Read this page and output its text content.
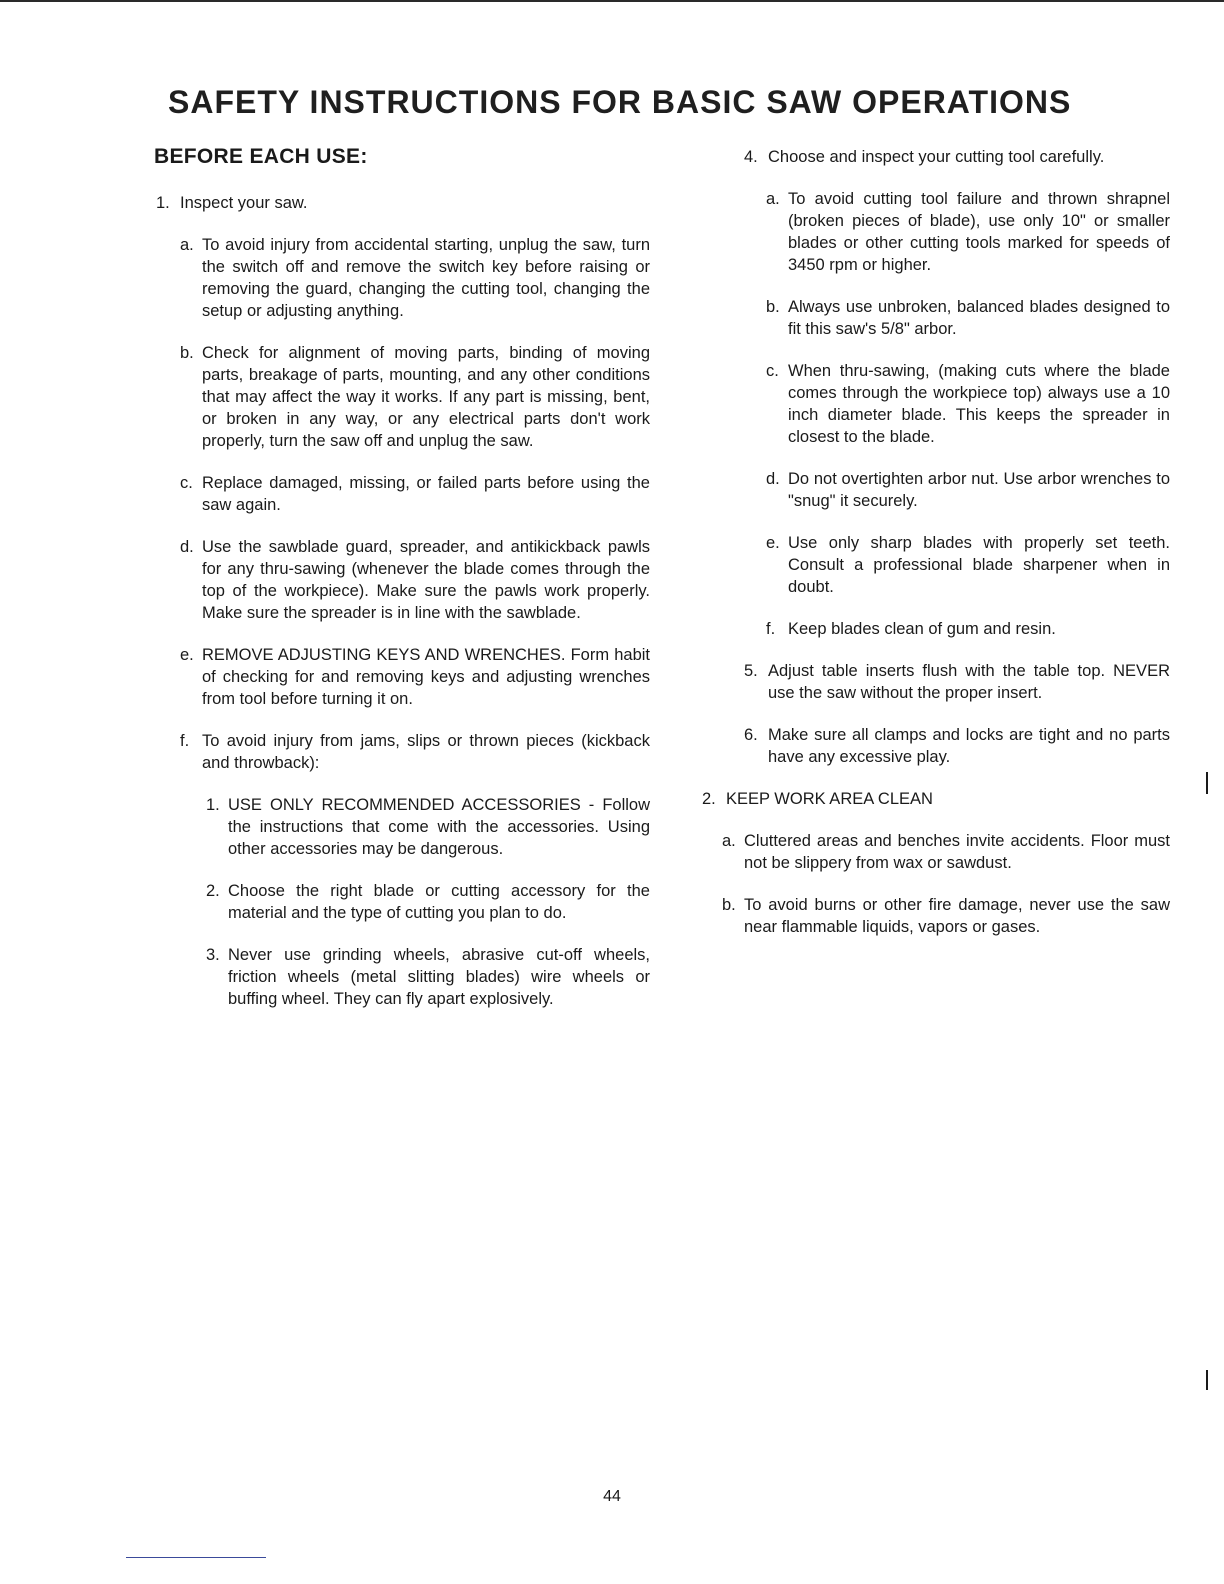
SAFETY INSTRUCTIONS FOR BASIC SAW OPERATIONS
BEFORE EACH USE:
1. Inspect your saw.
a. To avoid injury from accidental starting, unplug the saw, turn the switch off and remove the switch key before raising or removing the guard, changing the cutting tool, changing the setup or adjusting anything.
b. Check for alignment of moving parts, binding of moving parts, breakage of parts, mounting, and any other conditions that may affect the way it works. If any part is missing, bent, or broken in any way, or any electrical parts don't work properly, turn the saw off and unplug the saw.
c. Replace damaged, missing, or failed parts before using the saw again.
d. Use the sawblade guard, spreader, and antikickback pawls for any thru-sawing (whenever the blade comes through the top of the workpiece). Make sure the pawls work properly. Make sure the spreader is in line with the sawblade.
e. REMOVE ADJUSTING KEYS AND WRENCHES. Form habit of checking for and removing keys and adjusting wrenches from tool before turning it on.
f. To avoid injury from jams, slips or thrown pieces (kickback and throwback):
1. USE ONLY RECOMMENDED ACCESSORIES - Follow the instructions that come with the accessories. Using other accessories may be dangerous.
2. Choose the right blade or cutting accessory for the material and the type of cutting you plan to do.
3. Never use grinding wheels, abrasive cut-off wheels, friction wheels (metal slitting blades) wire wheels or buffing wheel. They can fly apart explosively.
4. Choose and inspect your cutting tool carefully.
a. To avoid cutting tool failure and thrown shrapnel (broken pieces of blade), use only 10" or smaller blades or other cutting tools marked for speeds of 3450 rpm or higher.
b. Always use unbroken, balanced blades designed to fit this saw's 5/8" arbor.
c. When thru-sawing, (making cuts where the blade comes through the workpiece top) always use a 10 inch diameter blade. This keeps the spreader in closest to the blade.
d. Do not overtighten arbor nut. Use arbor wrenches to "snug" it securely.
e. Use only sharp blades with properly set teeth. Consult a professional blade sharpener when in doubt.
f. Keep blades clean of gum and resin.
5. Adjust table inserts flush with the table top. NEVER use the saw without the proper insert.
6. Make sure all clamps and locks are tight and no parts have any excessive play.
2. KEEP WORK AREA CLEAN
a. Cluttered areas and benches invite accidents. Floor must not be slippery from wax or sawdust.
b. To avoid burns or other fire damage, never use the saw near flammable liquids, vapors or gases.
44
